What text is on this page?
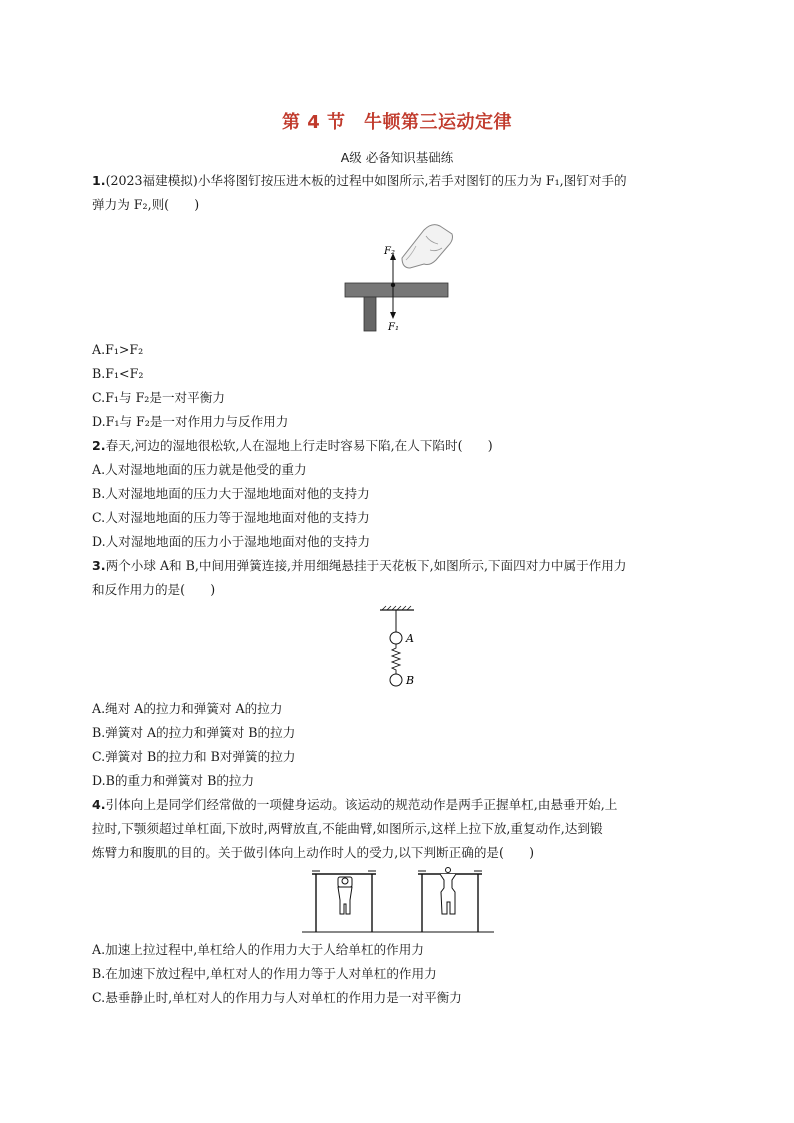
第 4 节　牛顿第三运动定律
A级 必备知识基础练
1.(2023福建模拟)小华将图钉按压进木板的过程中如图所示,若手对图钉的压力为 F₁,图钉对手的
弹力为 F₂,则(　　)
F₂
F₁
A.F₁>F₂
B.F₁<F₂
C.F₁与 F₂是一对平衡力
D.F₁与 F₂是一对作用力与反作用力
2.春天,河边的湿地很松软,人在湿地上行走时容易下陷,在人下陷时(　　)
A.人对湿地地面的压力就是他受的重力
B.人对湿地地面的压力大于湿地地面对他的支持力
C.人对湿地地面的压力等于湿地地面对他的支持力
D.人对湿地地面的压力小于湿地地面对他的支持力
3.两个小球 A和 B,中间用弹簧连接,并用细绳悬挂于天花板下,如图所示,下面四对力中属于作用力
和反作用力的是(　　)
A
B
A.绳对 A的拉力和弹簧对 A的拉力
B.弹簧对 A的拉力和弹簧对 B的拉力
C.弹簧对 B的拉力和 B对弹簧的拉力
D.B的重力和弹簧对 B的拉力
4.引体向上是同学们经常做的一项健身运动。该运动的规范动作是两手正握单杠,由悬垂开始,上
拉时,下颚须超过单杠面,下放时,两臂放直,不能曲臂,如图所示,这样上拉下放,重复动作,达到锻
炼臂力和腹肌的目的。关于做引体向上动作时人的受力,以下判断正确的是(　　)
A.加速上拉过程中,单杠给人的作用力大于人给单杠的作用力
B.在加速下放过程中,单杠对人的作用力等于人对单杠的作用力
C.悬垂静止时,单杠对人的作用力与人对单杠的作用力是一对平衡力
